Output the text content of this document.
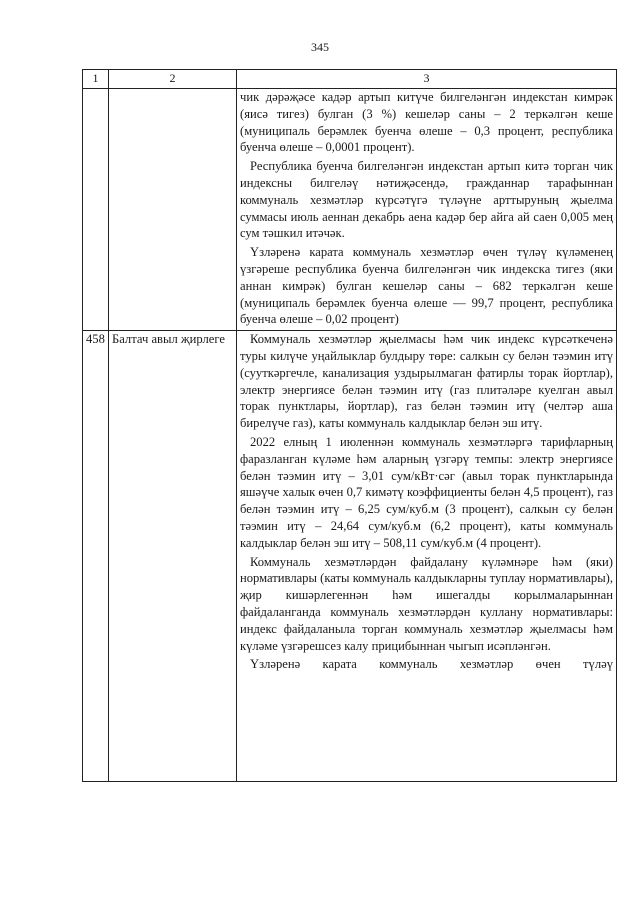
345
1	2	3

		чик дәрәҗәсе кадәр артып китүче билгеләнгән индекстан кимрәк (яисә тигез) булган (3 %) кешеләр саны – 2 теркәлгән кеше (муниципаль берәмлек буенча өлеше – 0,3 процент, республика буенча өлеше – 0,0001 процент).

Республика буенча билгеләнгән индекстан артып китә торган чик индексны билгеләү нәтиҗәсендә, гражданнар тарафыннан коммуналь хезмәтләр күрсәтүгә түләүне арттыруның җыелма суммасы июль аеннан декабрь аена кадәр бер айга ай саен 0,005 мең сум тәшкил итәчәк.

Үзләренә карата коммуналь хезмәтләр өчен түләү күләменең үзгәреше республика буенча билгеләнгән чик индекска тигез (яки аннан кимрәк) булган кешеләр саны – 682 теркәлгән кеше (муниципаль берәмлек буенча өлеше — 99,7 процент, республика буенча өлеше – 0,02 процент)

458	Балтач авыл җирлеге	Коммуналь хезмәтләр җыелмасы һәм чик индекс күрсәткеченә туры килүче уңайлыклар булдыру төре: салкын су белән тәэмин итү (сууткәргечле, канализация уздырылмаган фатирлы торак йортлар), электр энергиясе белән тәэмин итү (газ плитәләре куелган авыл торак пунктлары, йортлар), газ белән тәэмин итү (челтәр аша бирелүче газ), каты коммуналь калдыклар белән эш итү.

2022 елның 1 июленнән коммуналь хезмәтләргә тарифларның фаразланган күләме һәм аларның үзгәрү темпы: электр энергиясе белән тәэмин итү – 3,01 сум/кВт·сәг (авыл торак пунктларында яшәүче халык өчен 0,7 кимәтү коэффициенты белән 4,5 процент), газ белән тәэмин итү – 6,25 сум/куб.м (3 процент), салкын су белән тәэмин итү – 24,64 сум/куб.м (6,2 процент), каты коммуналь калдыклар белән эш итү – 508,11 сум/куб.м (4 процент).

Коммуналь хезмәтләрдән файдалану күләмнәре һәм (яки) нормативлары (каты коммуналь калдыкларны туплау нормативлары), җир кишәрлегеннән һәм ишегалды корылмаларыннан файдаланганда коммуналь хезмәтләрдән куллану нормативлары: индекс файдаланыла торган коммуналь хезмәтләр җыелмасы һәм күләме үзгәрешсез калу прицибыннан чыгып исәпләнгән.

Үзләренә карата коммуналь хезмәтләр өчен түләү
